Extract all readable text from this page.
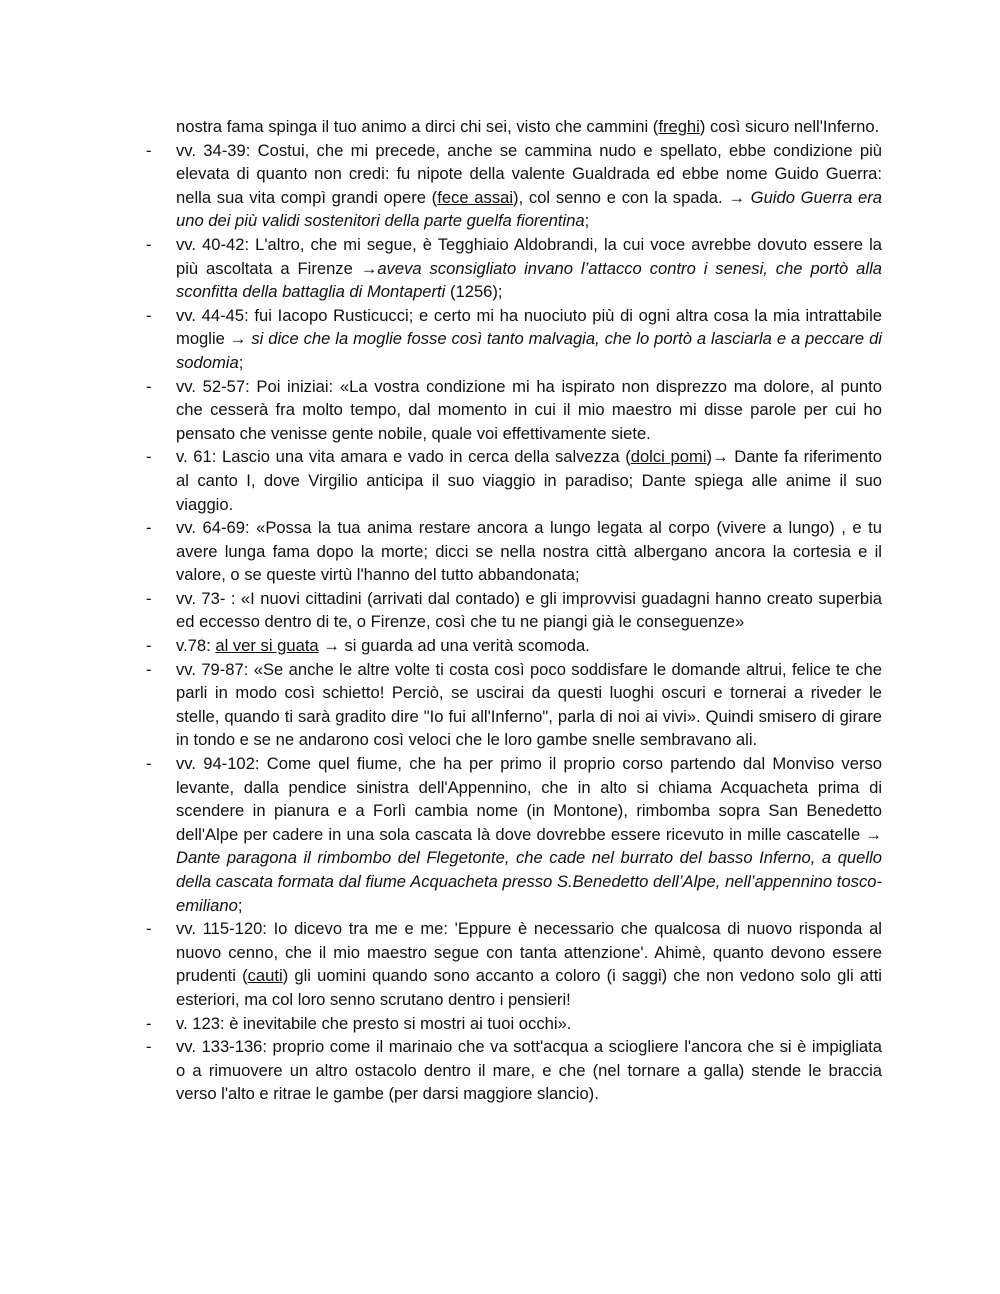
nostra fama spinga il tuo animo a dirci chi sei, visto che cammini (freghi) così sicuro nell'Inferno.
- vv. 34-39: Costui, che mi precede, anche se cammina nudo e spellato, ebbe condizione più elevata di quanto non credi: fu nipote della valente Gualdrada ed ebbe nome Guido Guerra: nella sua vita compì grandi opere (fece assai), col senno e con la spada. → Guido Guerra era uno dei più validi sostenitori della parte guelfa fiorentina;
- vv. 40-42: L'altro, che mi segue, è Tegghiaio Aldobrandi, la cui voce avrebbe dovuto essere la più ascoltata a Firenze →aveva sconsigliato invano l’attacco contro i senesi, che portò alla sconfitta della battaglia di Montaperti (1256);
- vv. 44-45: fui Iacopo Rusticucci; e certo mi ha nuociuto più di ogni altra cosa la mia intrattabile moglie → si dice che la moglie fosse così tanto malvagia, che lo portò a lasciarla e a peccare di sodomia;
- vv. 52-57: Poi iniziai: «La vostra condizione mi ha ispirato non disprezzo ma dolore, al punto che cesserà fra molto tempo, dal momento in cui il mio maestro mi disse parole per cui ho pensato che venisse gente nobile, quale voi effettivamente siete.
- v. 61: Lascio una vita amara e vado in cerca della salvezza (dolci pomi)→ Dante fa riferimento al canto I, dove Virgilio anticipa il suo viaggio in paradiso; Dante spiega alle anime il suo viaggio.
- vv. 64-69: «Possa la tua anima restare ancora a lungo legata al corpo (vivere a lungo) , e tu avere lunga fama dopo la morte; dicci se nella nostra città albergano ancora la cortesia e il valore, o se queste virtù l'hanno del tutto abbandonata;
- vv. 73- : «I nuovi cittadini (arrivati dal contado) e gli improvvisi guadagni hanno creato superbia ed eccesso dentro di te, o Firenze, così che tu ne piangi già le conseguenze»
- v.78: al ver si guata → si guarda ad una verità scomoda.
- vv. 79-87: «Se anche le altre volte ti costa così poco soddisfare le domande altrui, felice te che parli in modo così schietto! Perciò, se uscirai da questi luoghi oscuri e tornerai a riveder le stelle, quando ti sarà gradito dire "Io fui all'Inferno", parla di noi ai vivi». Quindi smisero di girare in tondo e se ne andarono così veloci che le loro gambe snelle sembravano ali.
- vv. 94-102: Come quel fiume, che ha per primo il proprio corso partendo dal Monviso verso levante, dalla pendice sinistra dell'Appennino, che in alto si chiama Acquacheta prima di scendere in pianura e a Forlì cambia nome (in Montone), rimbomba sopra San Benedetto dell'Alpe per cadere in una sola cascata là dove dovrebbe essere ricevuto in mille cascatelle → Dante paragona il rimbombo del Flegetonte, che cade nel burrato del basso Inferno, a quello della cascata formata dal fiume Acquacheta presso S.Benedetto dell’Alpe, nell’appennino tosco-emiliano;
- vv. 115-120: Io dicevo tra me e me: 'Eppure è necessario che qualcosa di nuovo risponda al nuovo cenno, che il mio maestro segue con tanta attenzione'. Ahimè, quanto devono essere prudenti (cauti) gli uomini quando sono accanto a coloro (i saggi) che non vedono solo gli atti esteriori, ma col loro senno scrutano dentro i pensieri!
- v. 123: è inevitabile che presto si mostri ai tuoi occhi».
- vv. 133-136: proprio come il marinaio che va sott'acqua a sciogliere l'ancora che si è impigliata o a rimuovere un altro ostacolo dentro il mare, e che (nel tornare a galla) stende le braccia verso l'alto e ritrae le gambe (per darsi maggiore slancio).
